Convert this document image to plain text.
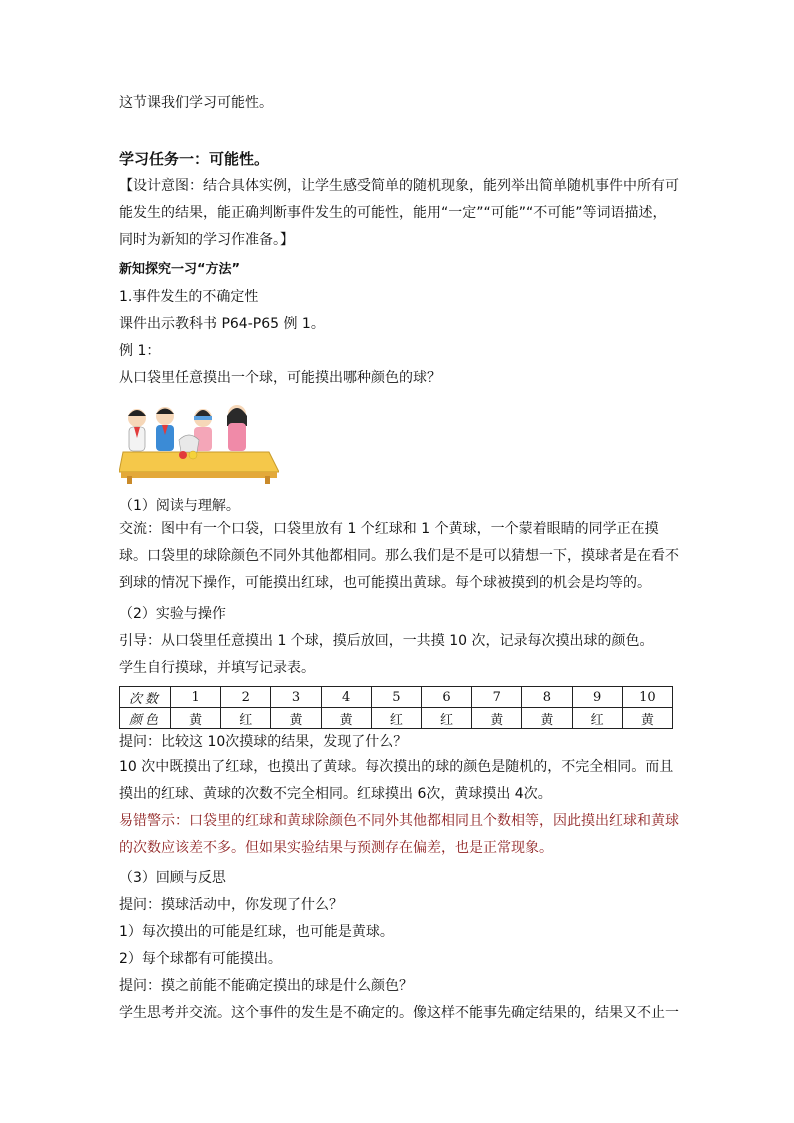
这节课我们学习可能性。
学习任务一：可能性。
【设计意图：结合具体实例，让学生感受简单的随机现象，能列举出简单随机事件中所有可能发生的结果，能正确判断事件发生的可能性，能用“一定”“可能”“不可能”等词语描述，同时为新知的学习作准备。】
新知探究一习“方法”
1.事件发生的不确定性
课件出示教科书 P64-P65 例 1。
例 1：
从口袋里任意摸出一个球，可能摸出哪种颜色的球？
（1）阅读与理解。
交流：图中有一个口袋，口袋里放有 1 个红球和 1 个黄球，一个蒙着眼睛的同学正在摸球。口袋里的球除颜色不同外其他都相同。那么我们是不是可以猜想一下，摸球者是在看不到球的情况下操作，可能摸出红球，也可能摸出黄球。每个球被摸到的机会是均等的。
（2）实验与操作
引导：从口袋里任意摸出 1 个球，摸后放回，一共摸 10 次，记录每次摸出球的颜色。
学生自行摸球，并填写记录表。
次数	1	2	3	4	5	6	7	8	9	10
颜色	黄	红	黄	黄	红	红	黄	黄	红	黄
提问：比较这 10次摸球的结果，发现了什么？
10 次中既摸出了红球，也摸出了黄球。每次摸出的球的颜色是随机的，不完全相同。而且摸出的红球、黄球的次数不完全相同。红球摸出 6次，黄球摸出 4次。
易错警示：口袋里的红球和黄球除颜色不同外其他都相同且个数相等，因此摸出红球和黄球的次数应该差不多。但如果实验结果与预测存在偏差，也是正常现象。
（3）回顾与反思
提问：摸球活动中，你发现了什么？
1）每次摸出的可能是红球，也可能是黄球。
2）每个球都有可能摸出。
提问：摸之前能不能确定摸出的球是什么颜色？
学生思考并交流。这个事件的发生是不确定的。像这样不能事先确定结果的，结果又不止一
